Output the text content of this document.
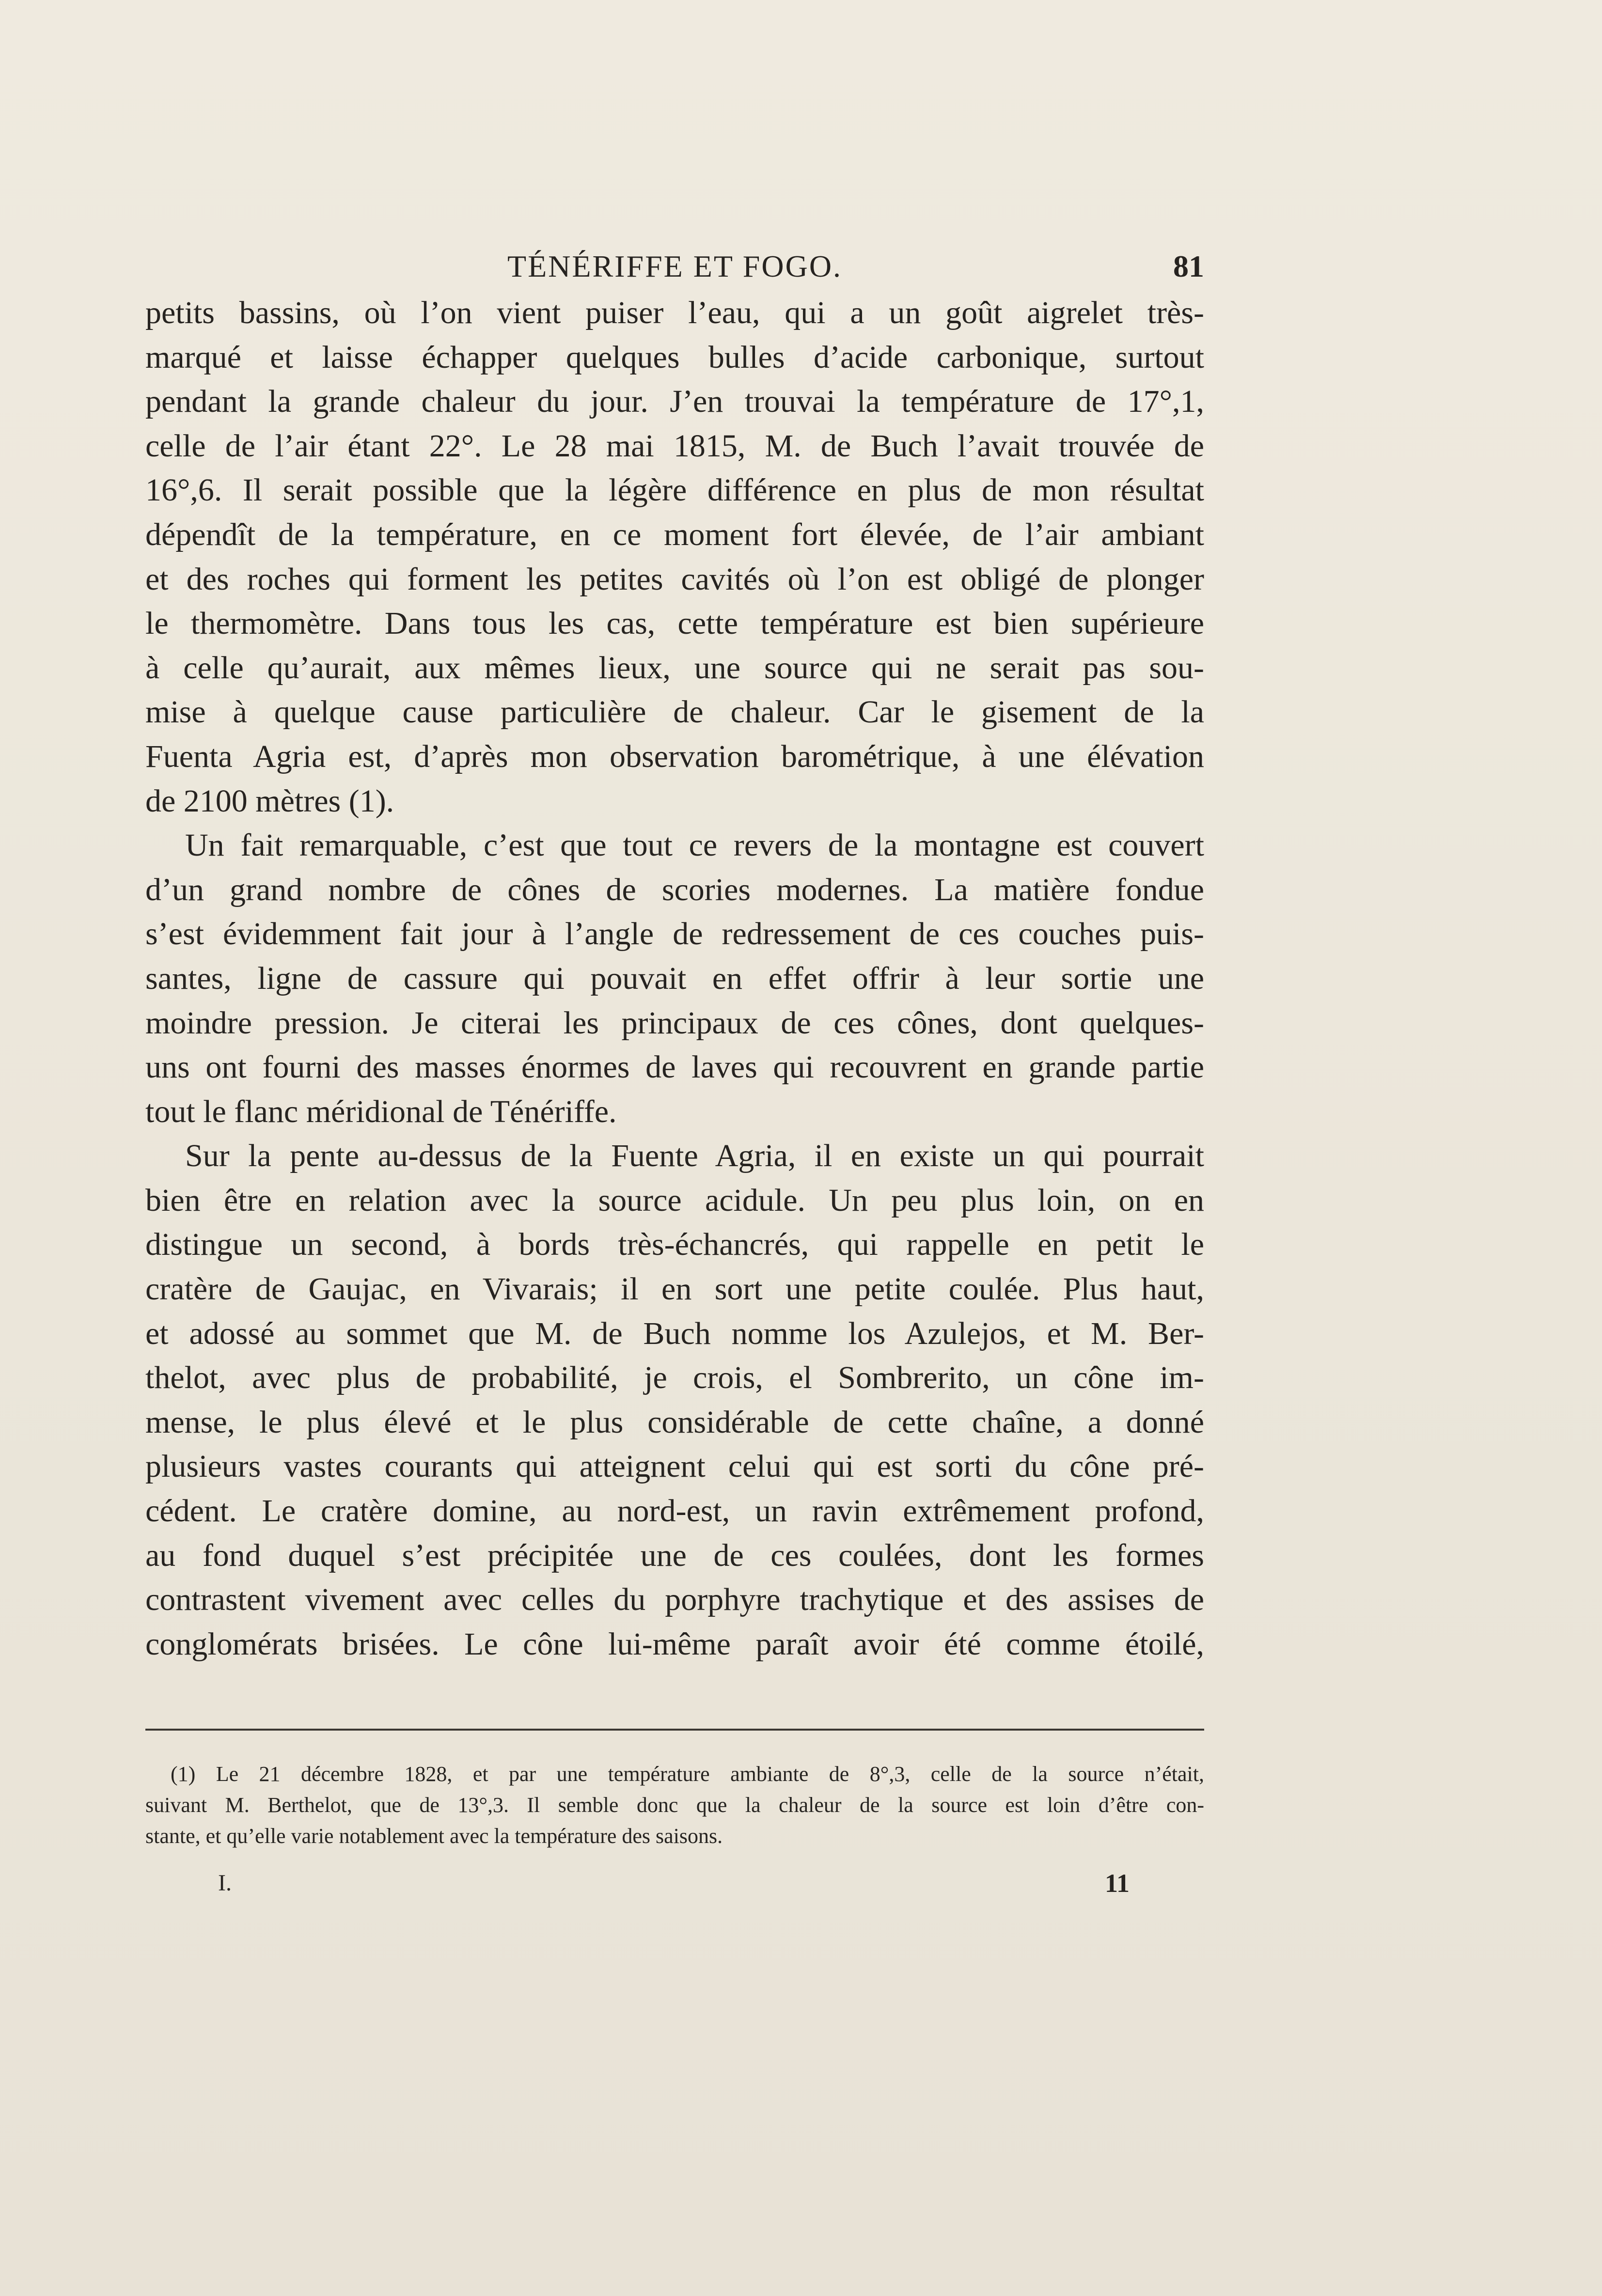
TÉNÉRIFFE ET FOGO.	81
petits bassins, où l’on vient puiser l’eau, qui a un goût aigrelet très-
marqué et laisse échapper quelques bulles d’acide carbonique, surtout
pendant la grande chaleur du jour. J’en trouvai la température de 17°,1,
celle de l’air étant 22°. Le 28 mai 1815, M. de Buch l’avait trouvée de
16°,6. Il serait possible que la légère différence en plus de mon résultat
dépendît de la température, en ce moment fort élevée, de l’air ambiant
et des roches qui forment les petites cavités où l’on est obligé de plonger
le thermomètre. Dans tous les cas, cette température est bien supérieure
à celle qu’aurait, aux mêmes lieux, une source qui ne serait pas sou-
mise à quelque cause particulière de chaleur. Car le gisement de la
Fuenta Agria est, d’après mon observation barométrique, à une élévation
de 2100 mètres (1).
Un fait remarquable, c’est que tout ce revers de la montagne est couvert
d’un grand nombre de cônes de scories modernes. La matière fondue
s’est évidemment fait jour à l’angle de redressement de ces couches puis-
santes, ligne de cassure qui pouvait en effet offrir à leur sortie une
moindre pression. Je citerai les principaux de ces cônes, dont quelques-
uns ont fourni des masses énormes de laves qui recouvrent en grande partie
tout le flanc méridional de Ténériffe.
Sur la pente au-dessus de la Fuente Agria, il en existe un qui pourrait
bien être en relation avec la source acidule. Un peu plus loin, on en
distingue un second, à bords très-échancrés, qui rappelle en petit le
cratère de Gaujac, en Vivarais; il en sort une petite coulée. Plus haut,
et adossé au sommet que M. de Buch nomme los Azulejos, et M. Ber-
thelot, avec plus de probabilité, je crois, el Sombrerito, un cône im-
mense, le plus élevé et le plus considérable de cette chaîne, a donné
plusieurs vastes courants qui atteignent celui qui est sorti du cône pré-
cédent. Le cratère domine, au nord-est, un ravin extrêmement profond,
au fond duquel s’est précipitée une de ces coulées, dont les formes
contrastent vivement avec celles du porphyre trachytique et des assises de
conglomérats brisées. Le cône lui-même paraît avoir été comme étoilé,
(1) Le 21 décembre 1828, et par une température ambiante de 8°,3, celle de la source n’était,
suivant M. Berthelot, que de 13°,3. Il semble donc que la chaleur de la source est loin d’être con-
stante, et qu’elle varie notablement avec la température des saisons.
I.	11
